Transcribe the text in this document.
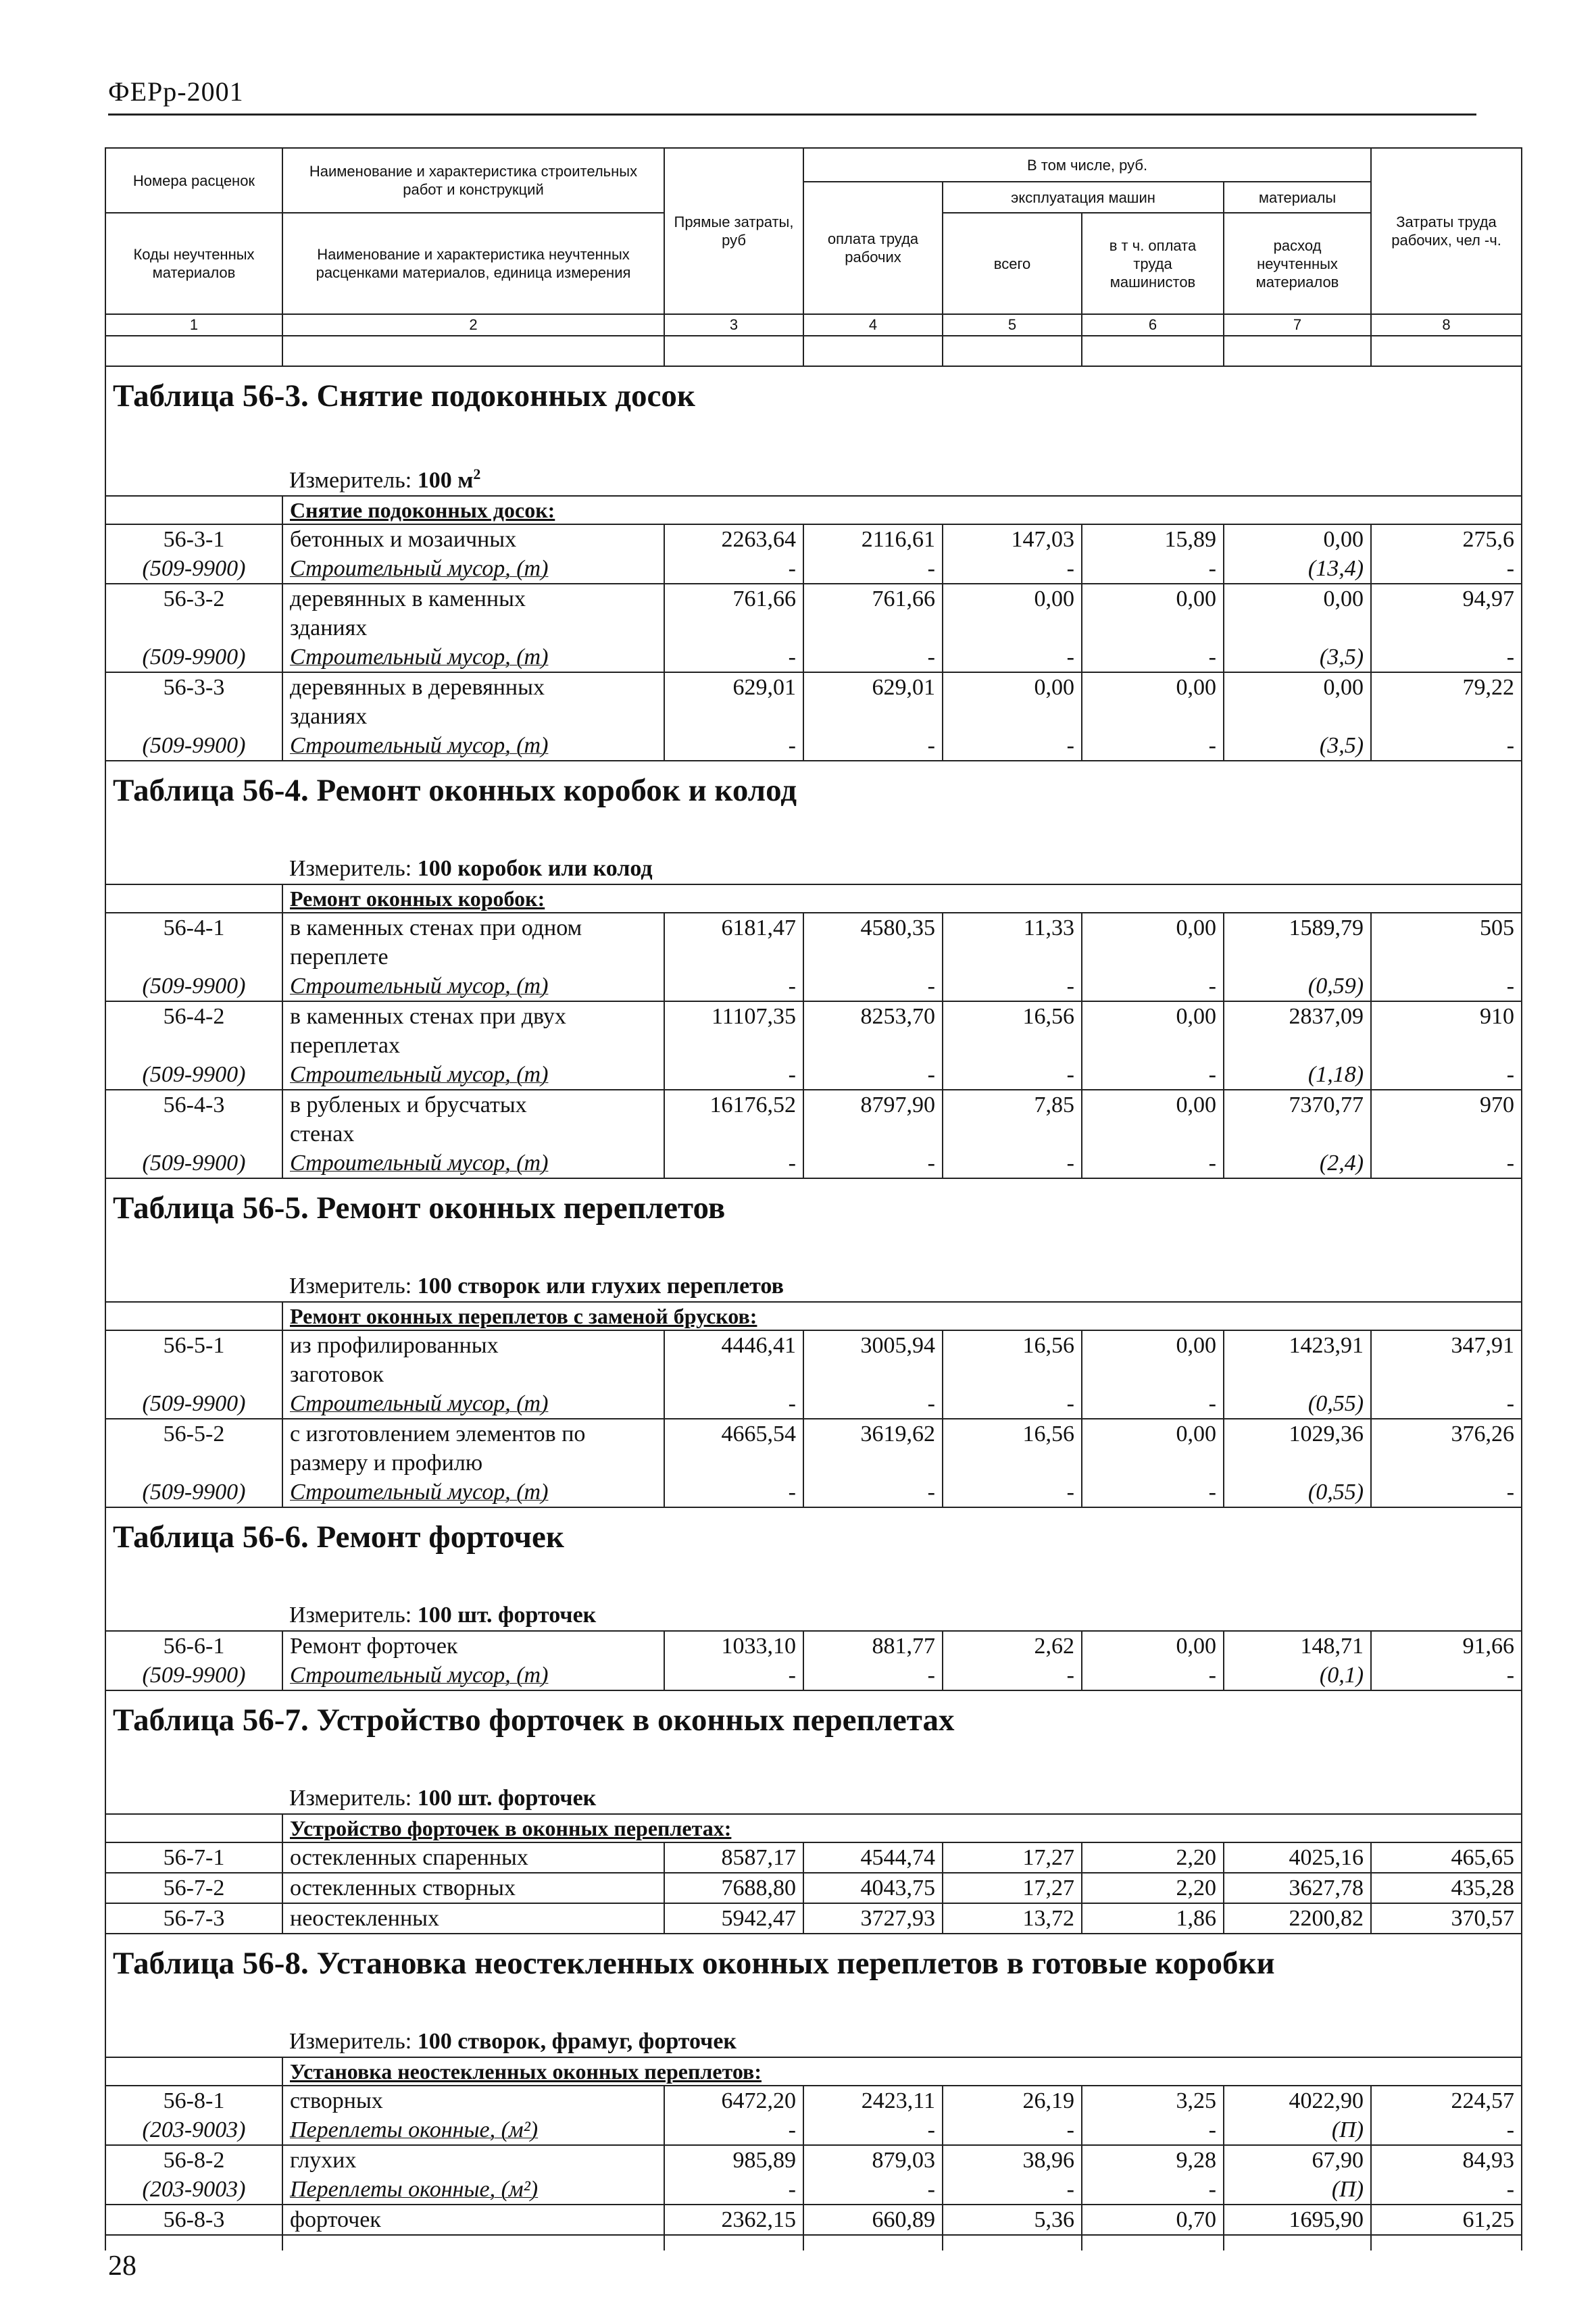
ФЕРр-2001
Номера расценок	Наименование и характеристика строительных работ и конструкций	Прямые затраты, руб	В том числе, руб.				Затраты труда рабочих, чел -ч.
			оплата труда рабочих	эксплуатация машин		материалы	
Коды неучтенных материалов	Наименование и характеристика неучтенных расценками материалов, единица измерения			всего	в т ч. оплата труда машинистов	расход неучтенных материалов	

1	2	3	4	5	6	7	8

Таблица 56-3. Снятие подоконных досок							
	Измеритель: 100 $м^2$	
	Снятие подоконных досок:						
56-3-1	бетонных и мозаичных	2263,64	2116,61	147,03	15,89	0,00	275,6
(509-9900)	Строительный мусор, (т)	-	-	-	-	(13,4)	-
56-3-2	деревянных в каменных	761,66	761,66	0,00	0,00	0,00	94,97
	зданиях						
(509-9900)	Строительный мусор, (т)	-	-	-	-	(3,5)	-
56-3-3	деревянных в деревянных	629,01	629,01	0,00	0,00	0,00	79,22
	зданиях						
(509-9900)	Строительный мусор, (т)	-	-	-	-	(3,5)	-

Таблица 56-4. Ремонт оконных коробок и колод							
	Измеритель: 100 коробок или колод						
	Ремонт оконных коробок:						
56-4-1	в каменных стенах при одном	6181,47	4580,35	11,33	0,00	1589,79	505
	переплете						
(509-9900)	Строительный мусор, (т)	-	-	-	-	(0,59)	-
56-4-2	в каменных стенах при двух	11107,35	8253,70	16,56	0,00	2837,09	910
	переплетах						
(509-9900)	Строительный мусор, (т)	-	-	-	-	(1,18)	-
56-4-3	в рубленых и брусчатых	16176,52	8797,90	7,85	0,00	7370,77	970
	стенах						
(509-9900)	Строительный мусор, (т)	-	-	-	-	(2,4)	-

Таблица 56-5. Ремонт оконных переплетов							
	Измеритель: 100 створок или глухих переплетов						
	Ремонт оконных переплетов с заменой брусков:						
56-5-1	из профилированных	4446,41	3005,94	16,56	0,00	1423,91	347,91
	заготовок						
(509-9900)	Строительный мусор, (т)	-	-	-	-	(0,55)	-
56-5-2	с изготовлением элементов по	4665,54	3619,62	16,56	0,00	1029,36	376,26
	размеру и профилю						
(509-9900)	Строительный мусор, (т)	-	-	-	-	(0,55)	-

Таблица 56-6. Ремонт форточек							
	Измеритель: 100 шт. форточек						
56-6-1	Ремонт форточек	1033,10	881,77	2,62	0,00	148,71	91,66
(509-9900)	Строительный мусор, (т)	-	-	-	-	(0,1)	-

Таблица 56-7. Устройство форточек в оконных переплетах							
	Измеритель: 100 шт. форточек						
	Устройство форточек в оконных переплетах:						
56-7-1	остекленных спаренных	8587,17	4544,74	17,27	2,20	4025,16	465,65
56-7-2	остекленных створных	7688,80	4043,75	17,27	2,20	3627,78	435,28
56-7-3	неостекленных	5942,47	3727,93	13,72	1,86	2200,82	370,57

Таблица 56-8. Установка неостекленных оконных переплетов в готовые коробки							
	Измеритель: 100 створок, фрамуг, форточек						
	Установка неостекленных оконных переплетов:						
56-8-1	створных	6472,20	2423,11	26,19	3,25	4022,90	224,57
(203-9003)	Переплеты оконные, (м²)	-	-	-	-	(П)	-
56-8-2	глухих	985,89	879,03	38,96	9,28	67,90	84,93
(203-9003)	Переплеты оконные, (м²)	-	-	-	-	(П)	-
56-8-3	форточек	2362,15	660,89	5,36	0,70	1695,90	61,25

28
